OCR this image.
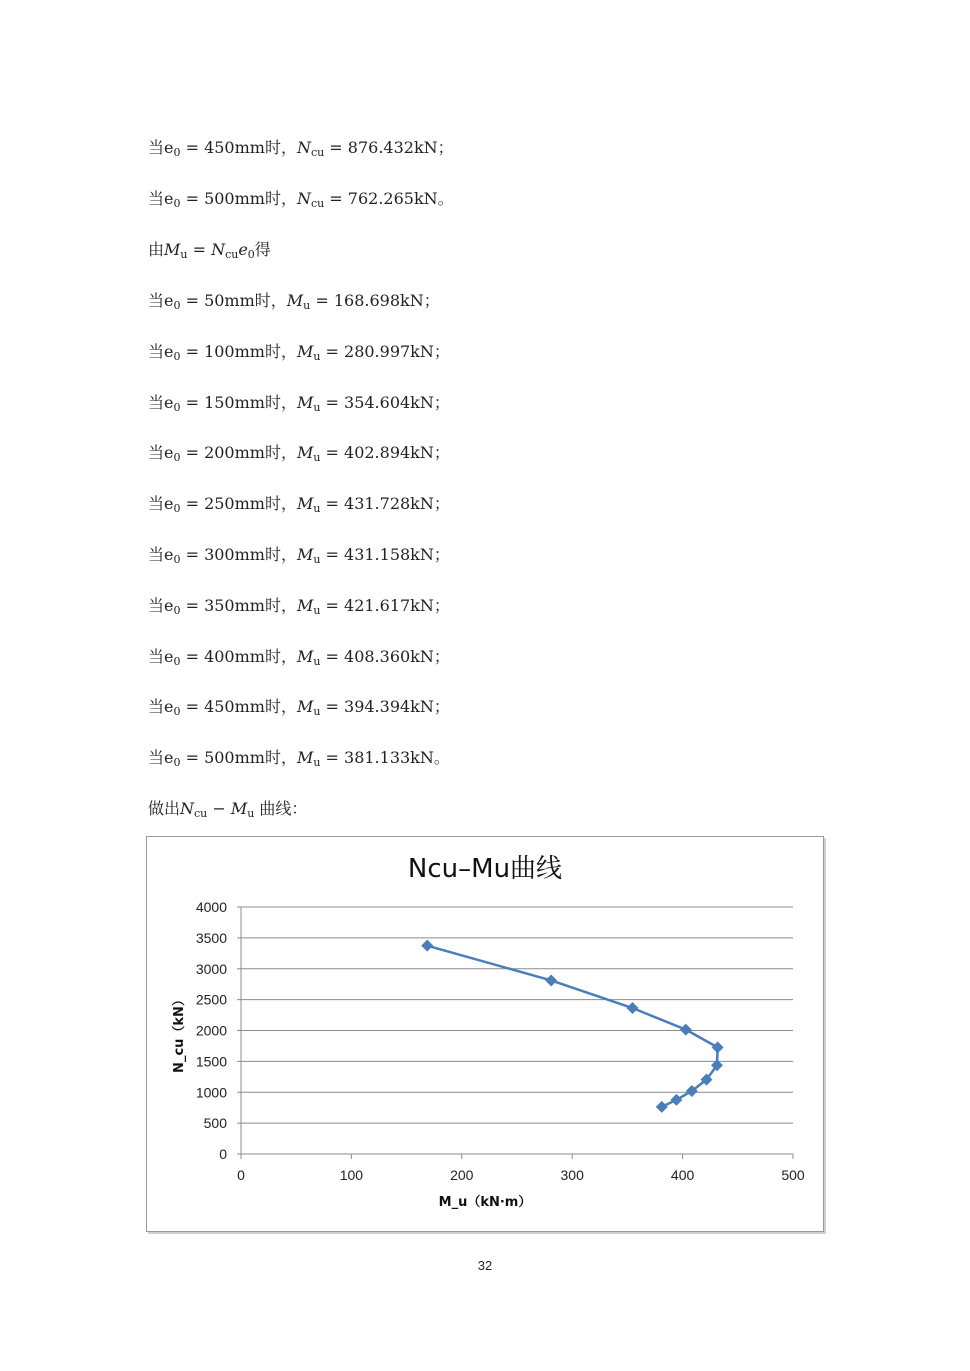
当$e_0 = 450mm$时，$N_{cu} = 876.432kN$；
当$e_0 = 500mm$时，$N_{cu} = 762.265kN$。
由$M_u = N_{cu}e_0$得
当$e_0 = 50mm$时，$M_u = 168.698kN$；
当$e_0 = 100mm$时，$M_u = 280.997kN$；
当$e_0 = 150mm$时，$M_u = 354.604kN$；
当$e_0 = 200mm$时，$M_u = 402.894kN$；
当$e_0 = 250mm$时，$M_u = 431.728kN$；
当$e_0 = 300mm$时，$M_u = 431.158kN$；
当$e_0 = 350mm$时，$M_u = 421.617kN$；
当$e_0 = 400mm$时，$M_u = 408.360kN$；
当$e_0 = 450mm$时，$M_u = 394.394kN$；
当$e_0 = 500mm$时，$M_u = 381.133kN$。
做出$N_{cu} - M_u$ 曲线：
Ncu–Mu曲线
0
500
1000
1500
2000
2500
3000
3500
4000
0	100	200	300	400	500
M_u（kN·m）
N_cu（kN）
32
